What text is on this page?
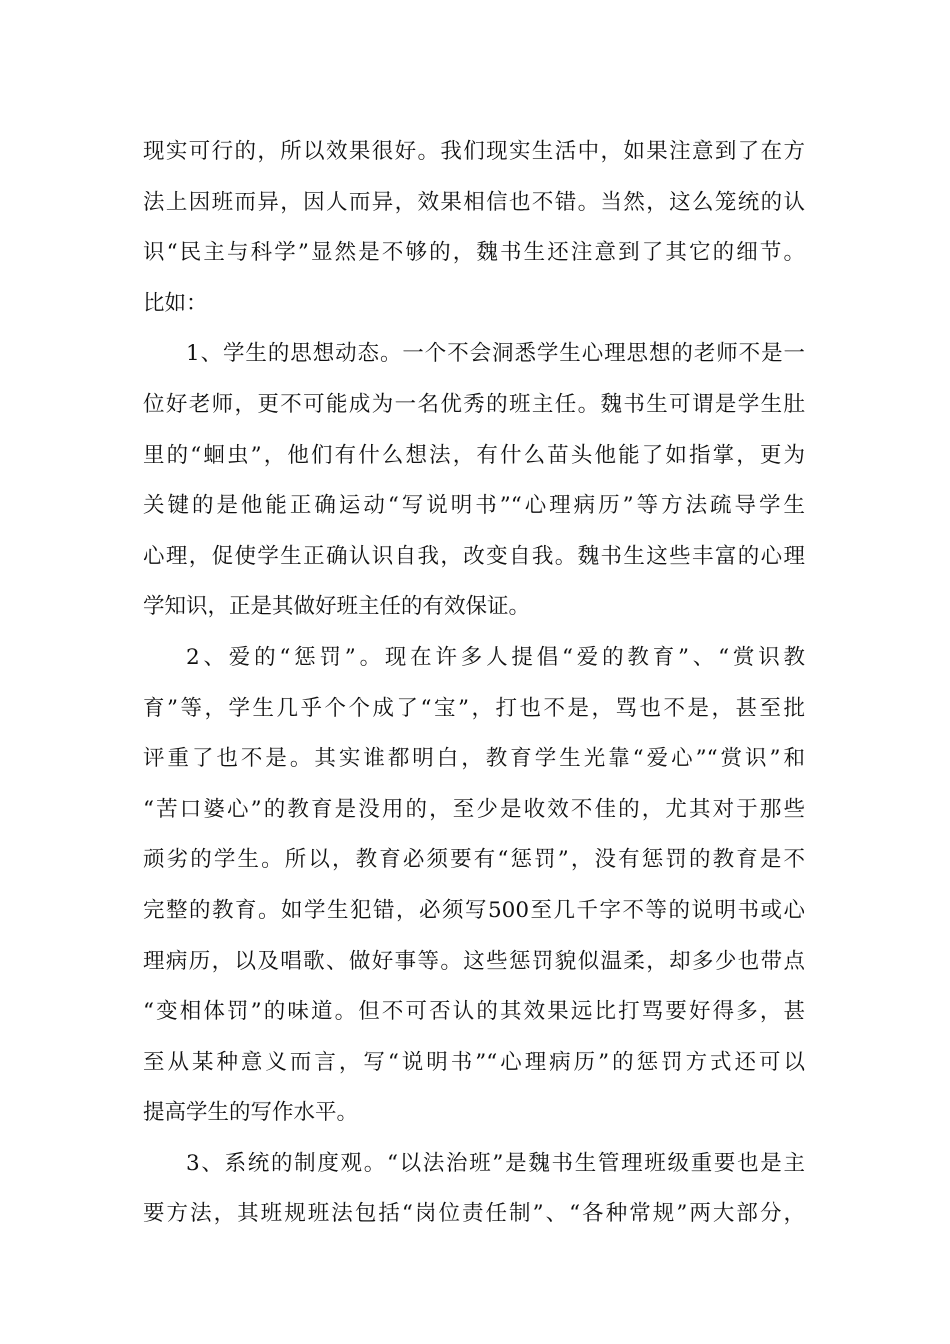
现实可行的，所以效果很好。我们现实生活中，如果注意到了在方
法上因班而异，因人而异，效果相信也不错。当然，这么笼统的认
识“民主与科学”显然是不够的，魏书生还注意到了其它的细节。
比如：
1、学生的思想动态。一个不会洞悉学生心理思想的老师不是一
位好老师，更不可能成为一名优秀的班主任。魏书生可谓是学生肚
里的“蛔虫”，他们有什么想法，有什么苗头他能了如指掌，更为
关键的是他能正确运动“写说明书”“心理病历”等方法疏导学生
心理，促使学生正确认识自我，改变自我。魏书生这些丰富的心理
学知识，正是其做好班主任的有效保证。
2、爱的“惩罚”。现在许多人提倡“爱的教育”、“赏识教
育”等，学生几乎个个成了“宝”，打也不是，骂也不是，甚至批
评重了也不是。其实谁都明白，教育学生光靠“爱心”“赏识”和
“苦口婆心”的教育是没用的，至少是收效不佳的，尤其对于那些
顽劣的学生。所以，教育必须要有“惩罚”，没有惩罚的教育是不
完整的教育。如学生犯错，必须写500至几千字不等的说明书或心
理病历，以及唱歌、做好事等。这些惩罚貌似温柔，却多少也带点
“变相体罚”的味道。但不可否认的其效果远比打骂要好得多，甚
至从某种意义而言，写“说明书”“心理病历”的惩罚方式还可以
提高学生的写作水平。
3、系统的制度观。“以法治班”是魏书生管理班级重要也是主
要方法，其班规班法包括“岗位责任制”、“各种常规”两大部分，
